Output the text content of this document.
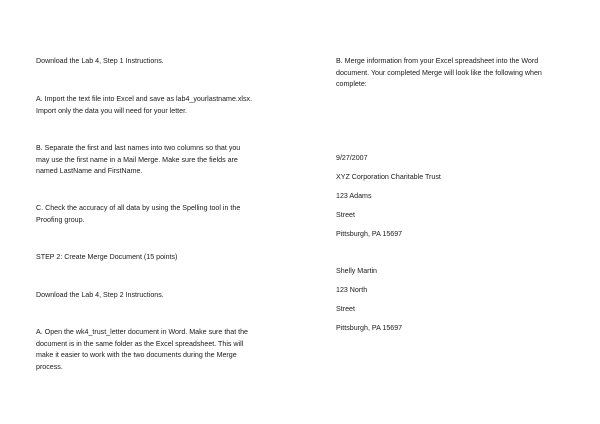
Download the Lab 4, Step 1 Instructions.

A. Import the text file into Excel and save as lab4_yourlastname.xlsx.
Import only the data you will need for your letter.

B. Separate the first and last names into two columns so that you
may use the first name in a Mail Merge. Make sure the fields are
named LastName and FirstName.

C. Check the accuracy of all data by using the Spelling tool in the
Proofing group.

STEP 2: Create Merge Document (15 points)

Download the Lab 4, Step 2 Instructions.

A. Open the wk4_trust_letter document in Word. Make sure that the
document is in the same folder as the Excel spreadsheet. This will
make it easier to work with the two documents during the Merge
process.

B. Merge information from your Excel spreadsheet into the Word
document. Your completed Merge will look like the following when
complete:

9/27/2007

XYZ Corporation Charitable Trust

123 Adams

Street

Pittsburgh, PA 15697

Shelly Martin

123 North

Street

Pittsburgh, PA 15697
